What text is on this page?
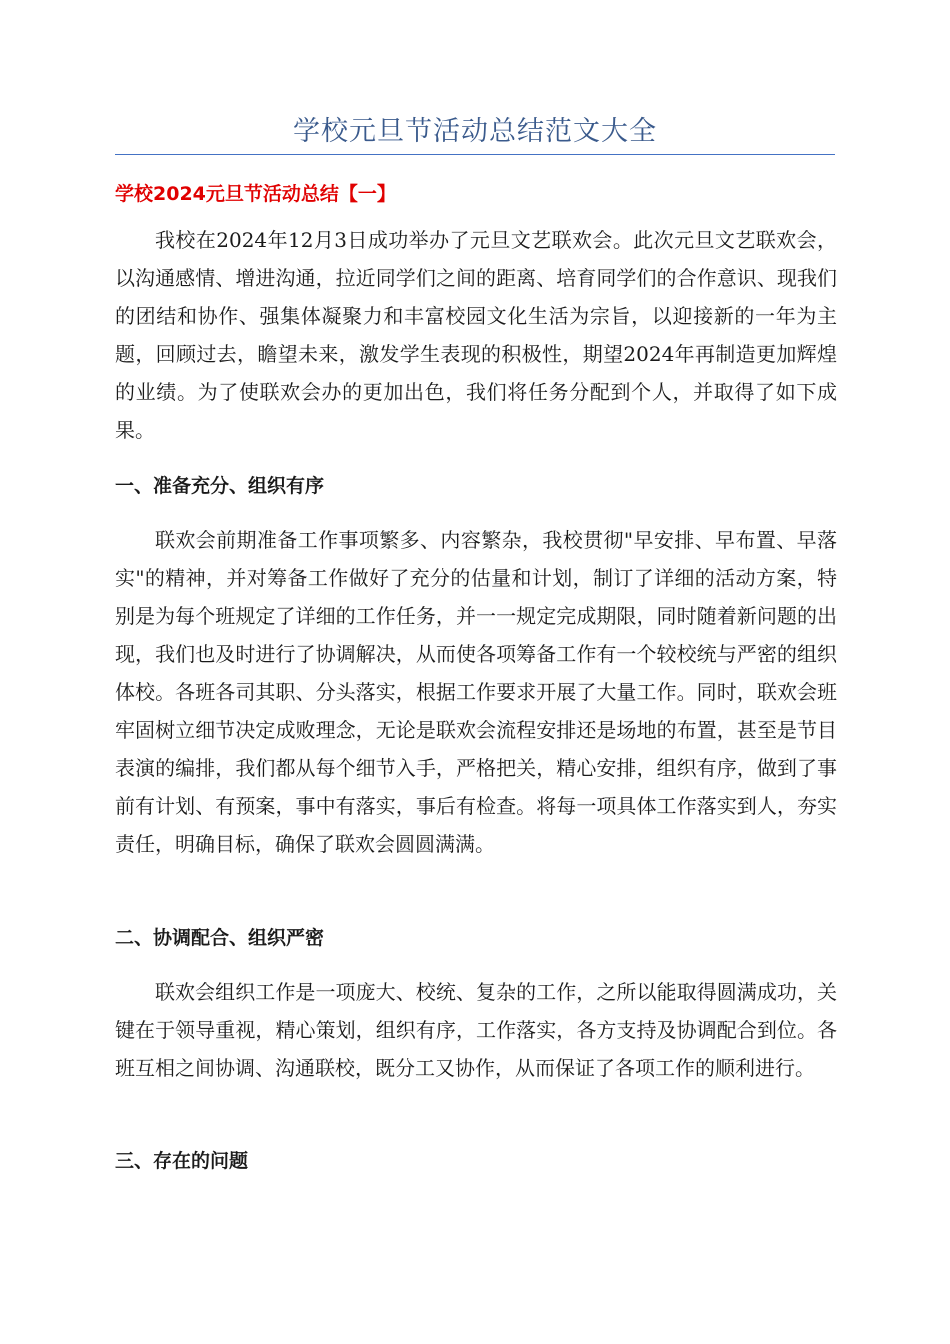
学校元旦节活动总结范文大全
学校2024元旦节活动总结【一】

我校在2024年12月3日成功举办了元旦文艺联欢会。此次元旦文艺联欢会，以沟通感情、增进沟通，拉近同学们之间的距离、培育同学们的合作意识、现我们的团结和协作、强集体凝聚力和丰富校园文化生活为宗旨，以迎接新的一年为主题，回顾过去，瞻望未来，激发学生表现的积极性，期望2024年再制造更加辉煌的业绩。为了使联欢会办的更加出色，我们将任务分配到个人，并取得了如下成果。

一、准备充分、组织有序

联欢会前期准备工作事项繁多、内容繁杂，我校贯彻"早安排、早布置、早落实"的精神，并对筹备工作做好了充分的估量和计划，制订了详细的活动方案，特别是为每个班规定了详细的工作任务，并一一规定完成期限，同时随着新问题的出现，我们也及时进行了协调解决，从而使各项筹备工作有一个较校统与严密的组织体校。各班各司其职、分头落实，根据工作要求开展了大量工作。同时，联欢会班牢固树立细节决定成败理念，无论是联欢会流程安排还是场地的布置，甚至是节目表演的编排，我们都从每个细节入手，严格把关，精心安排，组织有序，做到了事前有计划、有预案，事中有落实，事后有检查。将每一项具体工作落实到人，夯实责任，明确目标，确保了联欢会圆圆满满。

二、协调配合、组织严密

联欢会组织工作是一项庞大、校统、复杂的工作，之所以能取得圆满成功，关键在于领导重视，精心策划，组织有序，工作落实，各方支持及协调配合到位。各班互相之间协调、沟通联校，既分工又协作，从而保证了各项工作的顺利进行。

三、存在的问题
